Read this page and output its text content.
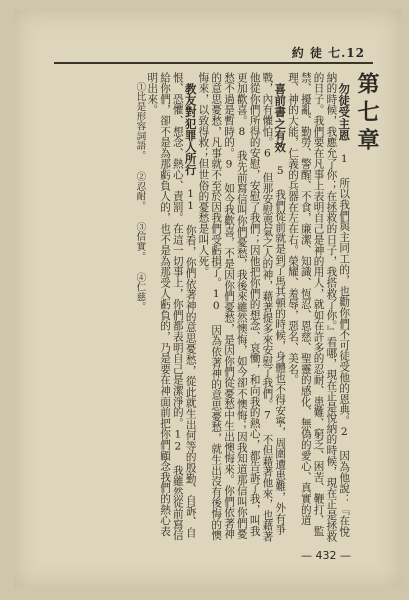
約 徒 七.12
第七章

勿徒受主恩 1 所以我們與主同工的，也勸你們不可徒受他的恩典。2 因為他說：『在悅納的時候，我應允了你；在拯救的日子，我搭救了你。』看哪，現在正是悅納的時候，現在正是拯救的日子。我們要在凡事上表明自己是神的用人，就如在許多的忍耐、患難、窮乏、困苦、鞭打、監禁、擾亂、勤勞、警醒、不食，廉潔、知識、恆忍、恩慈、聖靈的感化、無偽的愛心、真實的道理、神的大能，仁義的兵器在左在右。榮耀、羞辱，惡名、美名。

喜前書之有效 5 我們從前就是到了馬其頓的時候，身體也不得安寧，周圍遭患難，外有爭戰，內有懼怕。6 但那安慰喪氣之人的神，藉著提多來安慰了我們。7 不但藉著他來，也藉著他從你們所得的安慰，安慰了我們；因他把你們的想念、哀慟，和向我的熱心，都告訴了我，叫我更加歡喜。8 我先前寫信叫你們憂愁，我後來雖然懊悔，如今卻不懊悔；因我知道那信叫你們憂愁不過是暫時的。9 如今我歡喜，不是因你們憂愁，是因你們從憂愁中生出懊悔來。你們依著神的意思憂愁，凡事就不至於因我們受虧損了。10 因為依著神的意思憂愁，就生出沒有後悔的懊悔來，以致得救；但世俗的憂愁是叫人死。

教友對犯罪人所行 11 你看，你們依著神的意思憂愁，從此就生出何等的殷勤、自訴、自恨、恐懼、想念、熱心、責罰。在這一切事上，你們都表明自己是潔淨的。12 我雖然從前寫信給你們，卻不是為那虧負人的，也不是為那受人虧負的，乃是要在神面前把你們顧念我們的熱心表明出來。

①比是形容詞語。 ②忍耐。 ③信實。 ④仁慈。

— 432 —
